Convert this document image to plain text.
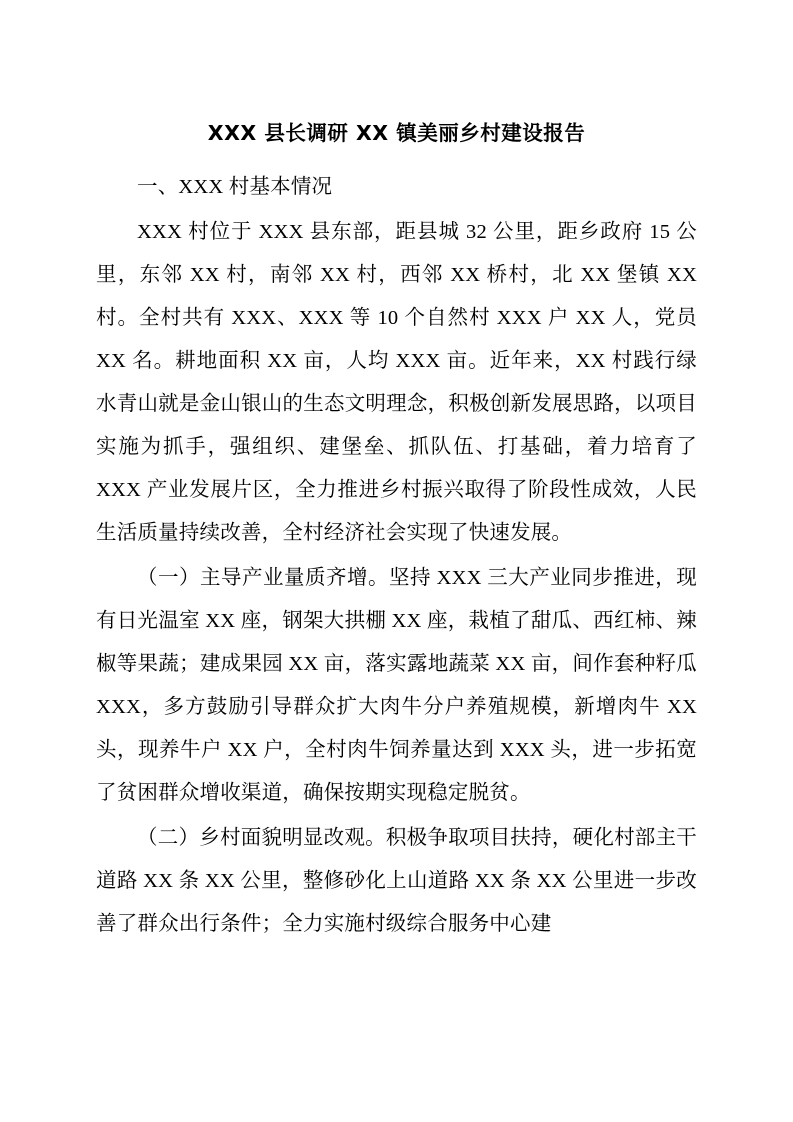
XXX 县长调研 XX 镇美丽乡村建设报告

一、XXX 村基本情况

XXX 村位于 XXX 县东部，距县城 32 公里，距乡政府 15 公里，东邻 XX 村，南邻 XX 村，西邻 XX 桥村，北 XX 堡镇 XX 村。全村共有 XXX、XXX 等 10 个自然村 XXX 户 XX 人，党员 XX 名。耕地面积 XX 亩，人均 XXX 亩。近年来，XX 村践行绿水青山就是金山银山的生态文明理念，积极创新发展思路，以项目实施为抓手，强组织、建堡垒、抓队伍、打基础，着力培育了 XXX 产业发展片区，全力推进乡村振兴取得了阶段性成效，人民生活质量持续改善，全村经济社会实现了快速发展。

（一）主导产业量质齐增。坚持 XXX 三大产业同步推进，现有日光温室 XX 座，钢架大拱棚 XX 座，栽植了甜瓜、西红柿、辣椒等果蔬；建成果园 XX 亩，落实露地蔬菜 XX 亩，间作套种籽瓜 XXX，多方鼓励引导群众扩大肉牛分户养殖规模，新增肉牛 XX 头，现养牛户 XX 户，全村肉牛饲养量达到 XXX 头，进一步拓宽了贫困群众增收渠道，确保按期实现稳定脱贫。

（二）乡村面貌明显改观。积极争取项目扶持，硬化村部主干道路 XX 条 XX 公里，整修砂化上山道路 XX 条 XX 公里进一步改善了群众出行条件；全力实施村级综合服务中心建
